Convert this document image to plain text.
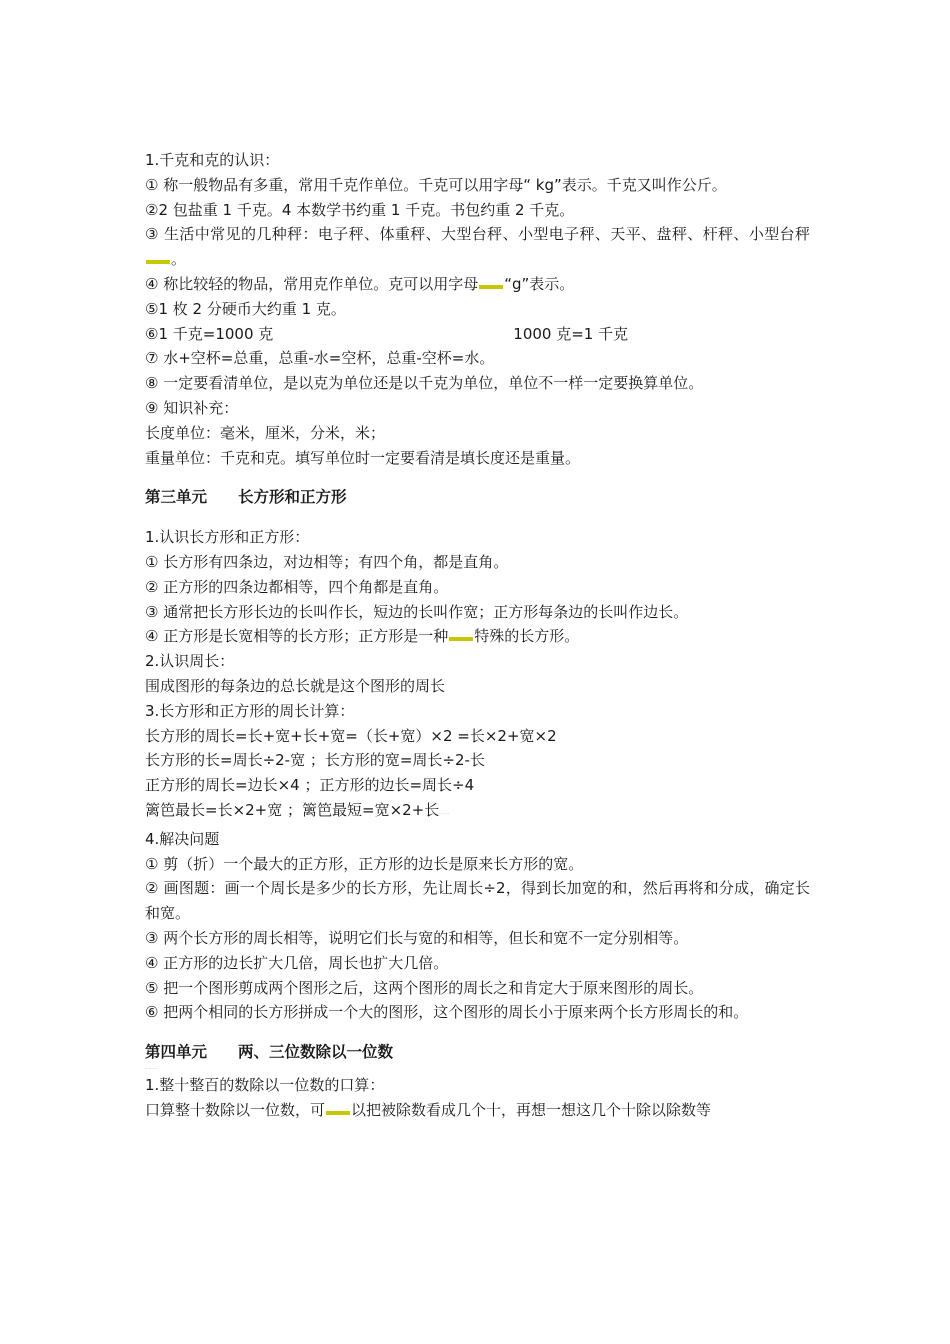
1.千克和克的认识：
① 称一般物品有多重，常用千克作单位。千克可以用字母“ kg”表示。千克又叫作公斤。
②2 包盐重 1 千克。4 本数学书约重 1 千克。书包约重 2 千克。
③ 生活中常见的几种秤：电子秤、体重秤、大型台秤、小型电子秤、天平、盘秤、杆秤、小型台秤。
④ 称比较轻的物品，常用克作单位。克可以用字母 “g”表示。
⑤1 枚 2 分硬币大约重 1 克。
⑥1 千克=1000 克	1000 克=1 千克
⑦ 水+空杯=总重，总重-水=空杯，总重-空杯=水。
⑧ 一定要看清单位，是以克为单位还是以千克为单位，单位不一样一定要换算单位。
⑨ 知识补充：
长度单位：毫米，厘米，分米，米；
重量单位：千克和克。填写单位时一定要看清是填长度还是重量。
第三单元　　长方形和正方形
1.认识长方形和正方形：
① 长方形有四条边，对边相等；有四个角，都是直角。
② 正方形的四条边都相等，四个角都是直角。
③ 通常把长方形长边的长叫作长，短边的长叫作宽；正方形每条边的长叫作边长。
④ 正方形是长宽相等的长方形；正方形是一种 特殊的长方形。
2.认识周长：
围成图形的每条边的总长就是这个图形的周长
3.长方形和正方形的周长计算：
长方形的周长=长+宽+长+宽=（长+宽）×2 =长×2+宽×2
长方形的长=周长÷2-宽 ；长方形的宽=周长÷2-长
正方形的周长=边长×4 ；正方形的边长=周长÷4
篱笆最长=长×2+宽 ；篱笆最短=宽×2+长······
4.解决问题
① 剪（折）一个最大的正方形，正方形的边长是原来长方形的宽。
② 画图题：画一个周长是多少的长方形，先让周长÷2，得到长加宽的和，然后再将和分成，确定长和宽。
③ 两个长方形的周长相等，说明它们长与宽的和相等，但长和宽不一定分别相等。
④ 正方形的边长扩大几倍，周长也扩大几倍。
⑤ 把一个图形剪成两个图形之后，这两个图形的周长之和肯定大于原来图形的周长。
⑥ 把两个相同的长方形拼成一个大的图形，这个图形的周长小于原来两个长方形周长的和。
第四单元　　两、三位数除以一位数
··········
1.整十整百的数除以一位数的口算：
口算整十数除以一位数，可 以把被除数看成几个十，再想一想这几个十除以除数等
